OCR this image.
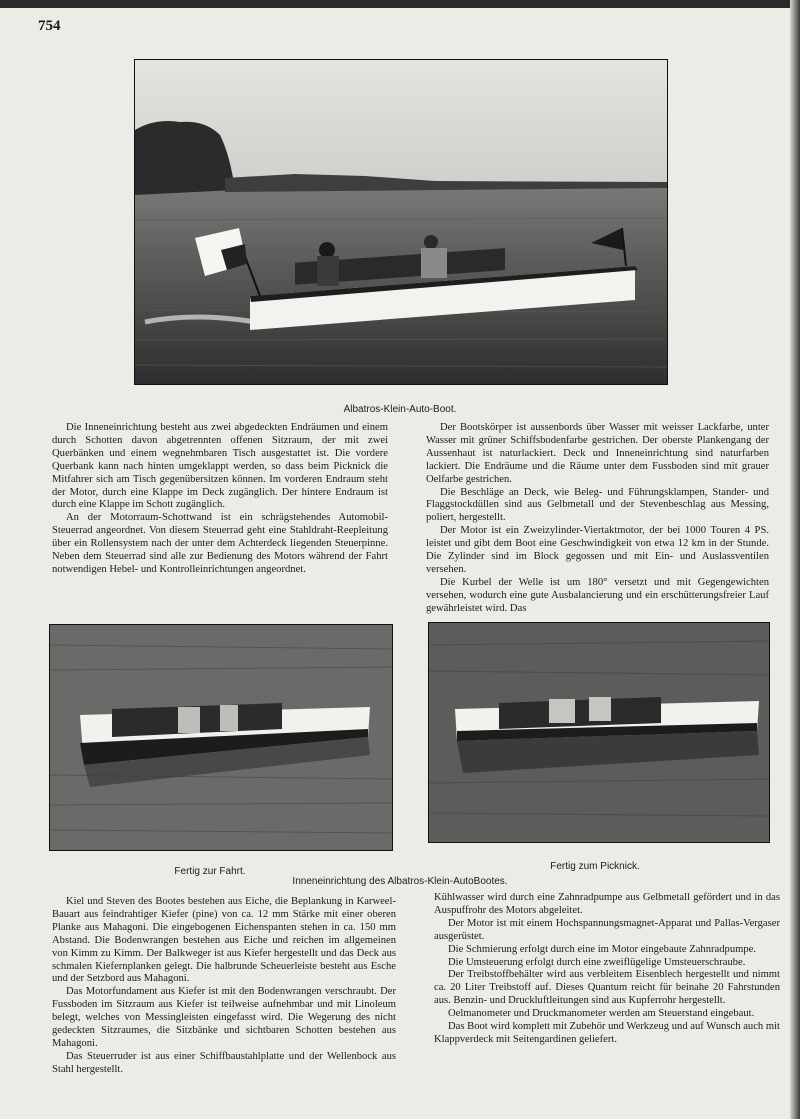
754
Albatros-Klein-Auto-Boot.

Die Inneneinrichtung besteht aus zwei abgedeckten Endräumen und einem durch Schotten davon abgetrennten offenen Sitzraum, der mit zwei Querbänken und einem wegnehmbaren Tisch ausgestattet ist. Die vordere Querbank kann nach hinten umgeklappt werden, so dass beim Picknick die Mitfahrer sich am Tisch gegenübersitzen können. Im vorderen Endraum steht der Motor, durch eine Klappe im Deck zugänglich. Der hintere Endraum ist durch eine Klappe im Schott zugänglich.

An der Motorraum-Schottwand ist ein schrägstehendes Automobil-Steuerrad angeordnet. Von diesem Steuerrad geht eine Stahldraht-Reepleitung über ein Rollensystem nach der unter dem Achterdeck liegenden Steuerpinne. Neben dem Steuerrad sind alle zur Bedienung des Motors während der Fahrt notwendigen Hebel- und Kontrolleinrichtungen angeordnet.

Der Bootskörper ist aussenbords über Wasser mit weisser Lackfarbe, unter Wasser mit grüner Schiffsbodenfarbe gestrichen. Der oberste Plankengang der Aussenhaut ist naturlackiert. Deck und Inneneinrichtung sind naturfarben lackiert. Die Endräume und die Räume unter dem Fussboden sind mit grauer Oelfarbe gestrichen.

Die Beschläge an Deck, wie Beleg- und Führungsklampen, Stander- und Flaggstockdüllen sind aus Gelbmetall und der Stevenbeschlag aus Messing, poliert, hergestellt.

Der Motor ist ein Zweizylinder-Viertaktmotor, der bei 1000 Touren 4 PS. leistet und gibt dem Boot eine Geschwindigkeit von etwa 12 km in der Stunde. Die Zylinder sind im Block gegossen und mit Ein- und Auslassventilen versehen.

Die Kurbel der Welle ist um 180° versetzt und mit Gegengewichten versehen, wodurch eine gute Ausbalancierung und ein erschütterungsfreier Lauf gewährleistet wird. Das

Fertig zur Fahrt.	Fertig zum Picknick.
Inneneinrichtung des Albatros-Klein-AutoBootes.

Kiel und Steven des Bootes bestehen aus Eiche, die Beplankung in Karweel-Bauart aus feindrahtiger Kiefer (pine) von ca. 12 mm Stärke mit einer oberen Planke aus Mahagoni. Die eingebogenen Eichenspanten stehen in ca. 150 mm Abstand. Die Bodenwrangen bestehen aus Eiche und reichen im allgemeinen von Kimm zu Kimm. Der Balkweger ist aus Kiefer hergestellt und das Deck aus schmalen Kiefernplanken gelegt. Die halbrunde Scheuerleiste besteht aus Esche und der Setzbord aus Mahagoni.

Das Motorfundament aus Kiefer ist mit den Bodenwrangen verschraubt. Der Fussboden im Sitzraum aus Kiefer ist teilweise aufnehmbar und mit Linoleum belegt, welches von Messingleisten eingefasst wird. Die Wegerung des nicht gedeckten Sitzraumes, die Sitzbänke und sichtbaren Schotten bestehen aus Mahagoni.

Das Steuerruder ist aus einer Schiffbaustahlplatte und der Wellenbock aus Stahl hergestellt.

Kühlwasser wird durch eine Zahnradpumpe aus Gelbmetall gefördert und in das Auspuffrohr des Motors abgeleitet.

Der Motor ist mit einem Hochspannungsmagnet-Apparat und Pallas-Vergaser ausgerüstet.

Die Schmierung erfolgt durch eine im Motor eingebaute Zahnradpumpe.

Die Umsteuerung erfolgt durch eine zweiflügelige Umsteuerschraube.

Der Treibstoffbehälter wird aus verbleitem Eisenblech hergestellt und nimmt ca. 20 Liter Treibstoff auf. Dieses Quantum reicht für beinahe 20 Fahrstunden aus. Benzin- und Druckluftleitungen sind aus Kupferrohr hergestellt.

Oelmanometer und Druckmanometer werden am Steuerstand eingebaut.

Das Boot wird komplett mit Zubehör und Werkzeug und auf Wunsch auch mit Klappverdeck mit Seitengardinen geliefert.
